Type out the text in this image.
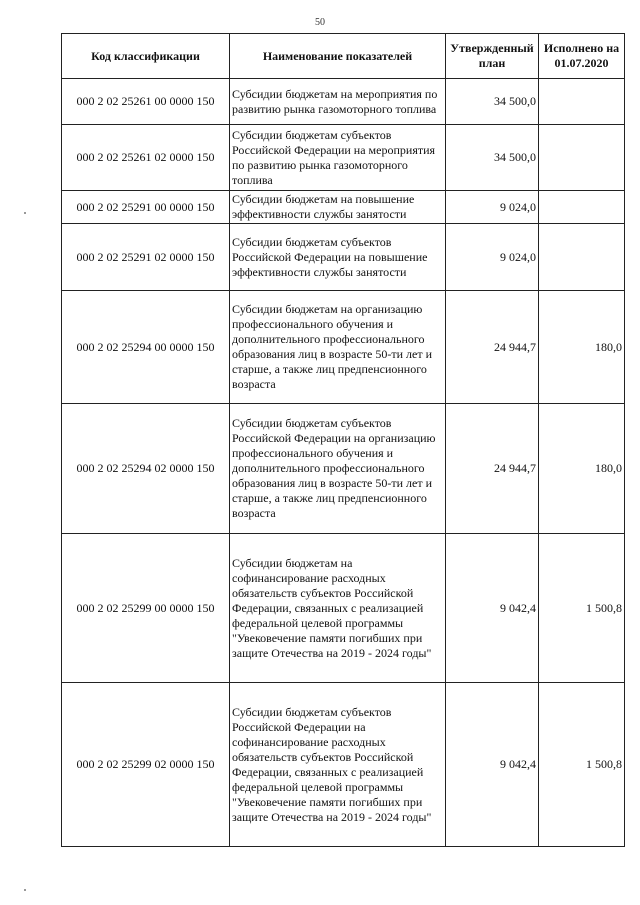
50
Код классификации	Наименование показателей	Утвержденный план	Исполнено на 01.07.2020
000 2 02 25261 00 0000 150	Субсидии бюджетам на мероприятия по развитию рынка газомоторного топлива	34 500,0	
000 2 02 25261 02 0000 150	Субсидии бюджетам субъектов Российской Федерации на мероприятия по развитию рынка газомоторного топлива	34 500,0	
000 2 02 25291 00 0000 150	Субсидии бюджетам на повышение эффективности службы занятости	9 024,0	
000 2 02 25291 02 0000 150	Субсидии бюджетам субъектов Российской Федерации на повышение эффективности службы занятости	9 024,0	
000 2 02 25294 00 0000 150	Субсидии бюджетам на организацию профессионального обучения и дополнительного профессионального образования лиц в возрасте 50-ти лет и старше, а также лиц предпенсионного возраста	24 944,7	180,0
000 2 02 25294 02 0000 150	Субсидии бюджетам субъектов Российской Федерации на организацию профессионального обучения и дополнительного профессионального образования лиц в возрасте 50-ти лет и старше, а также лиц предпенсионного возраста	24 944,7	180,0
000 2 02 25299 00 0000 150	Субсидии бюджетам на софинансирование расходных обязательств субъектов Российской Федерации, связанных с реализацией федеральной целевой программы "Увековечение памяти погибших при защите Отечества на 2019 - 2024 годы"	9 042,4	1 500,8
000 2 02 25299 02 0000 150	Субсидии бюджетам субъектов Российской Федерации на софинансирование расходных обязательств субъектов Российской Федерации, связанных с реализацией федеральной целевой программы "Увековечение памяти погибших при защите Отечества на 2019 - 2024 годы"	9 042,4	1 500,8
